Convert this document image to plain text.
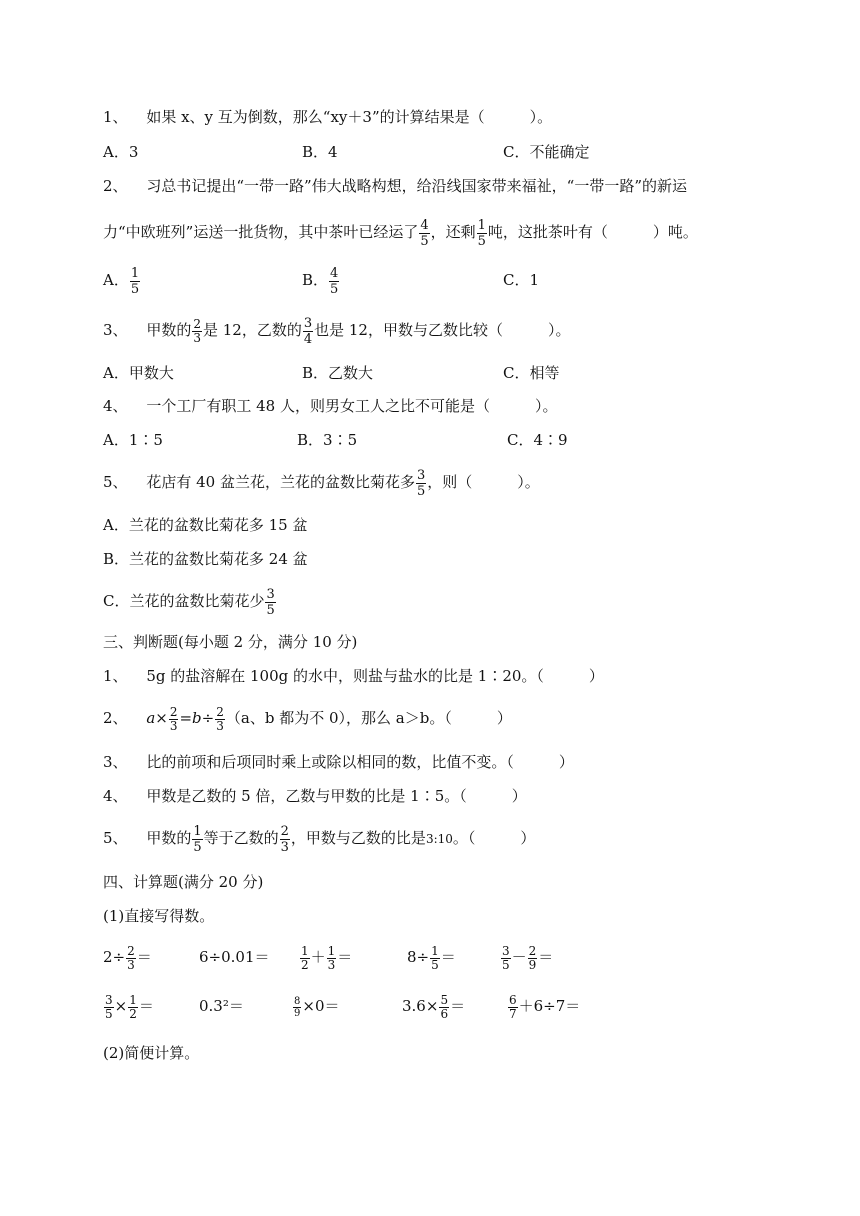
1、 如果 x、y 互为倒数，那么“xy＋3”的计算结果是（　　　）。
A．3	B．4	C．不能确定
2、 习总书记提出“一带一路”伟大战略构想，给沿线国家带来福祉，“一带一路”的新运
力“中欧班列”运送一批货物，其中茶叶已经运了 $\frac{4}{5}$ ，还剩 $\frac{1}{5}$ 吨，这批茶叶有（　　　）吨。
A． $\frac{1}{5}$	B． $\frac{4}{5}$	C．1
3、 甲数的 $\frac{2}{3}$ 是 12，乙数的 $\frac{3}{4}$ 也是 12，甲数与乙数比较（　　　）。
A．甲数大	B．乙数大	C．相等
4、 一个工厂有职工 48 人，则男女工人之比不可能是（　　　）。
A．1∶5	B．3∶5	C．4∶9
5、 花店有 40 盆兰花，兰花的盆数比菊花多 $\frac{3}{5}$ ，则（　　　）。
A．兰花的盆数比菊花多 15 盆
B．兰花的盆数比菊花多 24 盆
C．兰花的盆数比菊花少 $\frac{3}{5}$
三、判断题(每小题 2 分，满分 10 分)
1、 5g 的盐溶解在 100g 的水中，则盐与盐水的比是 1∶20。（　　　）
2、 $a\times \frac{2}{3} =b\div \frac{2}{3} (a$、b 都为不 0），那么 a＞b。（　　　）
3、 比的前项和后项同时乘上或除以相同的数，比值不变。（　　　）
4、 甲数是乙数的 5 倍，乙数与甲数的比是 1∶5。（　　　）
5、 甲数的 $\frac{1}{5}$ 等于乙数的 $\frac{2}{3}$ ，甲数与乙数的比是3:10。（　　　）
四、计算题(满分 20 分)
(1)直接写得数。
$2\div \frac{2}{3}$ ＝	6÷0.01＝	$\frac{1}{2} + \frac{1}{3}$ ＝	$8\div \frac{1}{5}$ ＝	$\frac{3}{5} - \frac{2}{9}$ ＝
$\frac{3}{5} \times \frac{1}{2}$ ＝	0.3²＝	$\frac{8}{9} \times 0=$	$3.6\times \frac{5}{6}$ ＝	$\frac{6}{7} +6\div 7=$
(2)简便计算。
